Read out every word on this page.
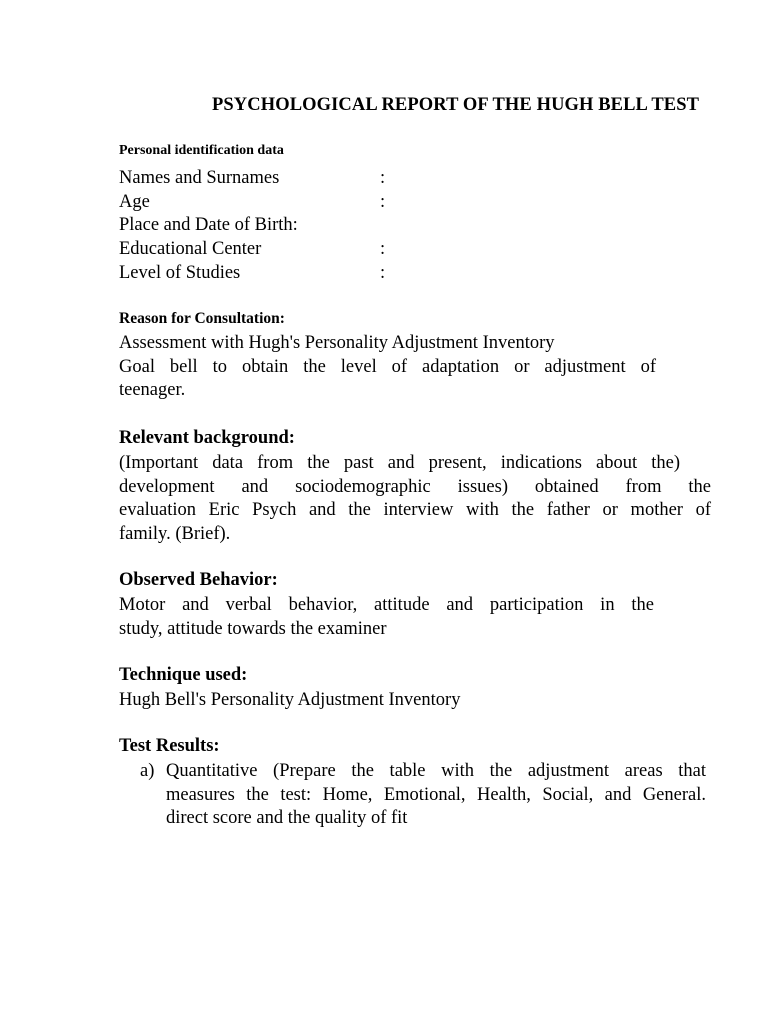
PSYCHOLOGICAL REPORT OF THE HUGH BELL TEST
Personal identification data
Names and Surnames	:
Age	:
Place and Date of Birth:
Educational Center	:
Level of Studies	:
Reason for Consultation:
Assessment with Hugh's Personality Adjustment Inventory
Goal bell to obtain the level of adaptation or adjustment of
teenager.
Relevant background:
(Important data from the past and present, indications about the)
development and sociodemographic issues) obtained from the
evaluation Eric Psych and the interview with the father or mother of
family. (Brief).
Observed Behavior:
Motor and verbal behavior, attitude and participation in the
study, attitude towards the examiner
Technique used:
Hugh Bell's Personality Adjustment Inventory
Test Results:
a) Quantitative (Prepare the table with the adjustment areas that
measures the test: Home, Emotional, Health, Social, and General.
direct score and the quality of fit
